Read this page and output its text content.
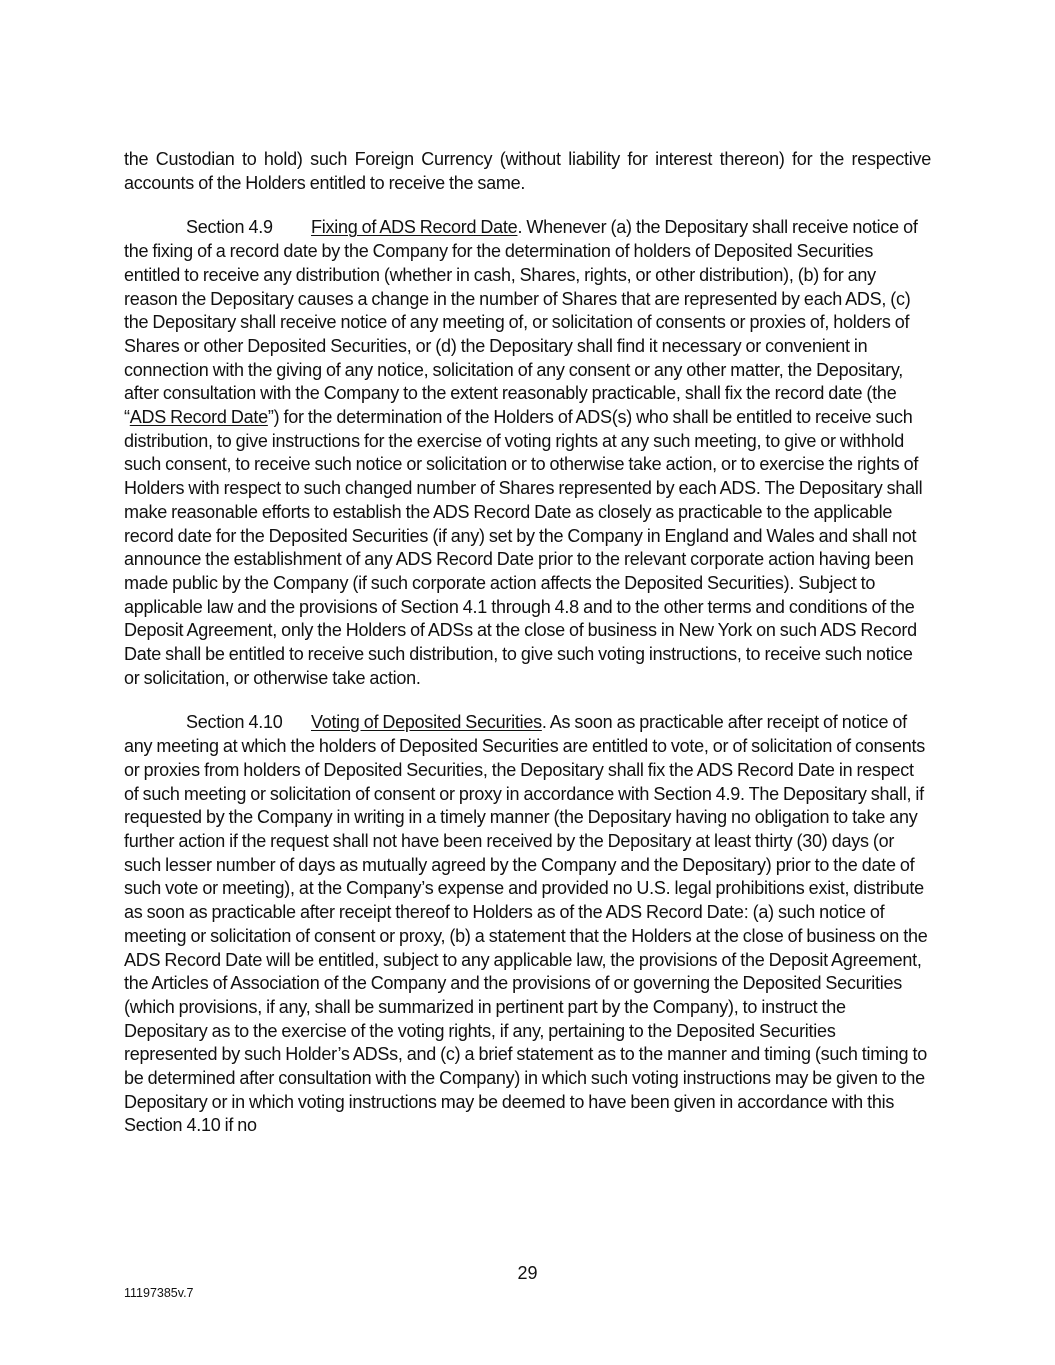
the Custodian to hold) such Foreign Currency (without liability for interest thereon) for the respective accounts of the Holders entitled to receive the same.

Section 4.9 Fixing of ADS Record Date. Whenever (a) the Depositary shall receive notice of the fixing of a record date by the Company for the determination of holders of Deposited Securities entitled to receive any distribution (whether in cash, Shares, rights, or other distribution), (b) for any reason the Depositary causes a change in the number of Shares that are represented by each ADS, (c) the Depositary shall receive notice of any meeting of, or solicitation of consents or proxies of, holders of Shares or other Deposited Securities, or (d) the Depositary shall find it necessary or convenient in connection with the giving of any notice, solicitation of any consent or any other matter, the Depositary, after consultation with the Company to the extent reasonably practicable, shall fix the record date (the “ADS Record Date”) for the determination of the Holders of ADS(s) who shall be entitled to receive such distribution, to give instructions for the exercise of voting rights at any such meeting, to give or withhold such consent, to receive such notice or solicitation or to otherwise take action, or to exercise the rights of Holders with respect to such changed number of Shares represented by each ADS. The Depositary shall make reasonable efforts to establish the ADS Record Date as closely as practicable to the applicable record date for the Deposited Securities (if any) set by the Company in England and Wales and shall not announce the establishment of any ADS Record Date prior to the relevant corporate action having been made public by the Company (if such corporate action affects the Deposited Securities). Subject to applicable law and the provisions of Section 4.1 through 4.8 and to the other terms and conditions of the Deposit Agreement, only the Holders of ADSs at the close of business in New York on such ADS Record Date shall be entitled to receive such distribution, to give such voting instructions, to receive such notice or solicitation, or otherwise take action.

Section 4.10 Voting of Deposited Securities. As soon as practicable after receipt of notice of any meeting at which the holders of Deposited Securities are entitled to vote, or of solicitation of consents or proxies from holders of Deposited Securities, the Depositary shall fix the ADS Record Date in respect of such meeting or solicitation of consent or proxy in accordance with Section 4.9. The Depositary shall, if requested by the Company in writing in a timely manner (the Depositary having no obligation to take any further action if the request shall not have been received by the Depositary at least thirty (30) days (or such lesser number of days as mutually agreed by the Company and the Depositary) prior to the date of such vote or meeting), at the Company’s expense and provided no U.S. legal prohibitions exist, distribute as soon as practicable after receipt thereof to Holders as of the ADS Record Date: (a) such notice of meeting or solicitation of consent or proxy, (b) a statement that the Holders at the close of business on the ADS Record Date will be entitled, subject to any applicable law, the provisions of the Deposit Agreement, the Articles of Association of the Company and the provisions of or governing the Deposited Securities (which provisions, if any, shall be summarized in pertinent part by the Company), to instruct the Depositary as to the exercise of the voting rights, if any, pertaining to the Deposited Securities represented by such Holder’s ADSs, and (c) a brief statement as to the manner and timing (such timing to be determined after consultation with the Company) in which such voting instructions may be given to the Depositary or in which voting instructions may be deemed to have been given in accordance with this Section 4.10 if no

29
11197385v.7
